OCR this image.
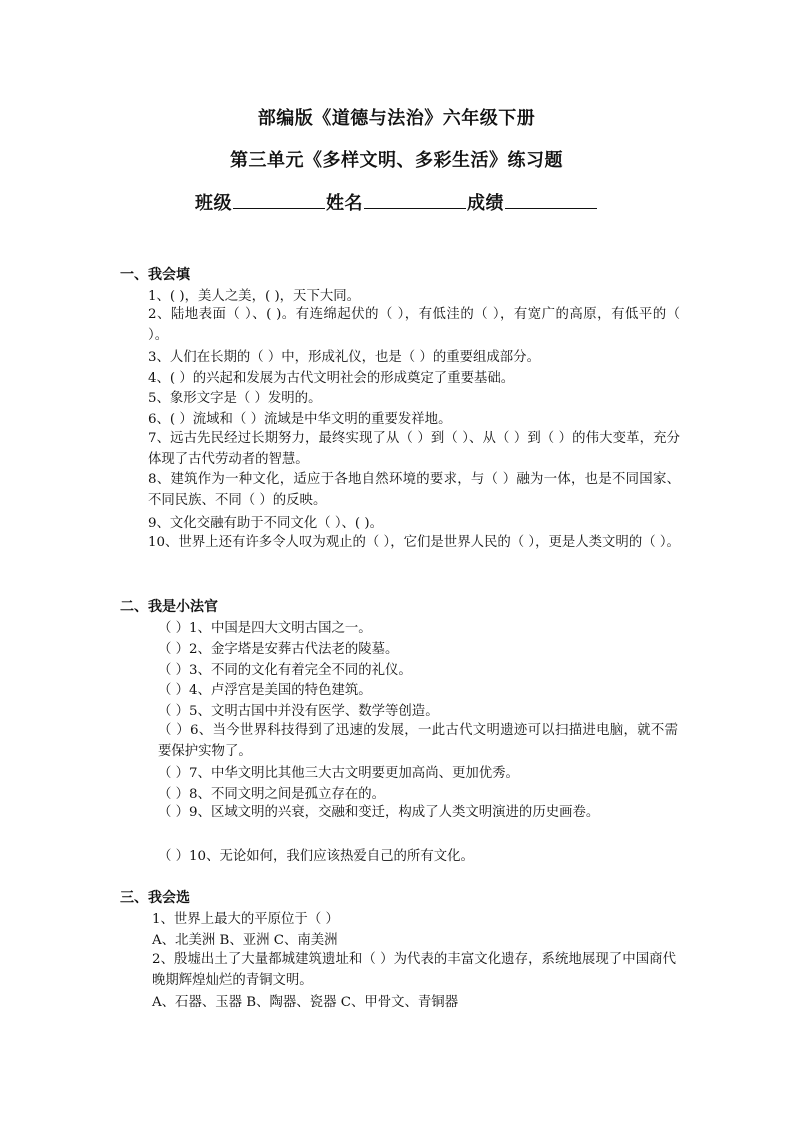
部编版《道德与法治》六年级下册
第三单元《多样文明、多彩生活》练习题
班级	姓名	成绩
一、我会填
1、( )，美人之美，( )，天下大同。
2、陆地表面（ ）、( )。有连绵起伏的（ ），有低洼的（ ），有宽广的高原，有低平的（ ）。
3、人们在长期的（ ）中，形成礼仪，也是（ ）的重要组成部分。
4、( ）的兴起和发展为古代文明社会的形成奠定了重要基础。
5、象形文字是（ ）发明的。
6、( ）流域和（ ）流域是中华文明的重要发祥地。
7、远古先民经过长期努力，最终实现了从（ ）到（ ）、从（ ）到（ ）的伟大变革，充分体现了古代劳动者的智慧。
8、建筑作为一种文化，适应于各地自然环境的要求，与（ ）融为一体，也是不同国家、不同民族、不同（ ）的反映。
9、文化交融有助于不同文化（ ）、( )。
10、世界上还有许多令人叹为观止的（ ），它们是世界人民的（ ），更是人类文明的（ ）。
二、我是小法官
（ ）1、中国是四大文明古国之一。
（ ）2、金字塔是安葬古代法老的陵墓。
（ ）3、不同的文化有着完全不同的礼仪。
（ ）4、卢浮宫是美国的特色建筑。
（ ）5、文明古国中并没有医学、数学等创造。
（ ）6、当今世界科技得到了迅速的发展，一此古代文明遗迹可以扫描进电脑，就不需要保护实物了。
（ ）7、中华文明比其他三大古文明要更加高尚、更加优秀。
（ ）8、不同文明之间是孤立存在的。
（ ）9、区域文明的兴衰，交融和变迁，构成了人类文明演进的历史画卷。
（ ）10、无论如何，我们应该热爱自己的所有文化。
三、我会选
1、世界上最大的平原位于（ ）
A、北美洲 B、亚洲 C、南美洲
2、殷墟出土了大量都城建筑遗址和（ ）为代表的丰富文化遗存，系统地展现了中国商代晚期辉煌灿烂的青铜文明。
A、石器、玉器 B、陶器、瓷器 C、甲骨文、青铜器
